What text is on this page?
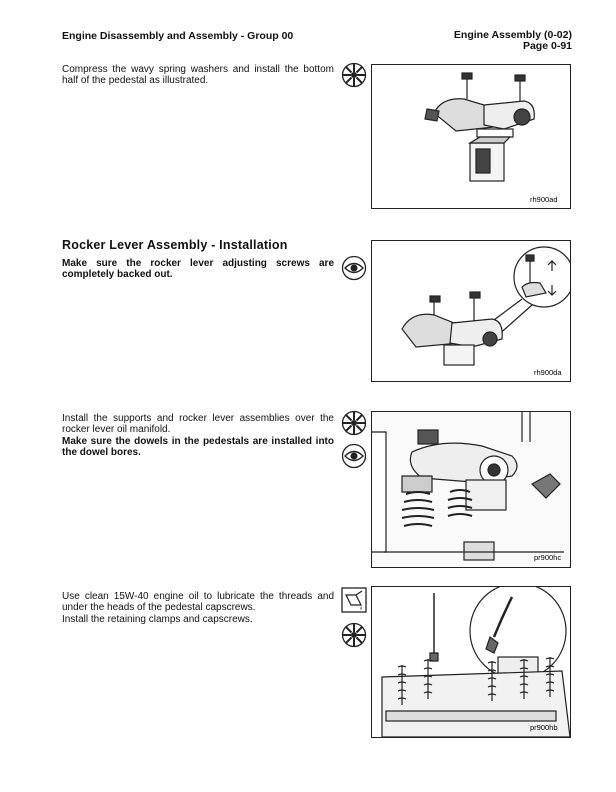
Engine Disassembly and Assembly - Group 00	Engine Assembly (0-02)
Page 0-91
Compress the wavy spring washers and install the bottom half of the pedestal as illustrated.
rh900ad
Rocker Lever Assembly - Installation
Make sure the rocker lever adjusting screws are completely backed out.
rh900da
Install the supports and rocker lever assemblies over the rocker lever oil manifold.
Make sure the dowels in the pedestals are installed into the dowel bores.
pr900hc
Use clean 15W-40 engine oil to lubricate the threads and under the heads of the pedestal capscrews.
Install the retaining clamps and capscrews.
pr900hb
